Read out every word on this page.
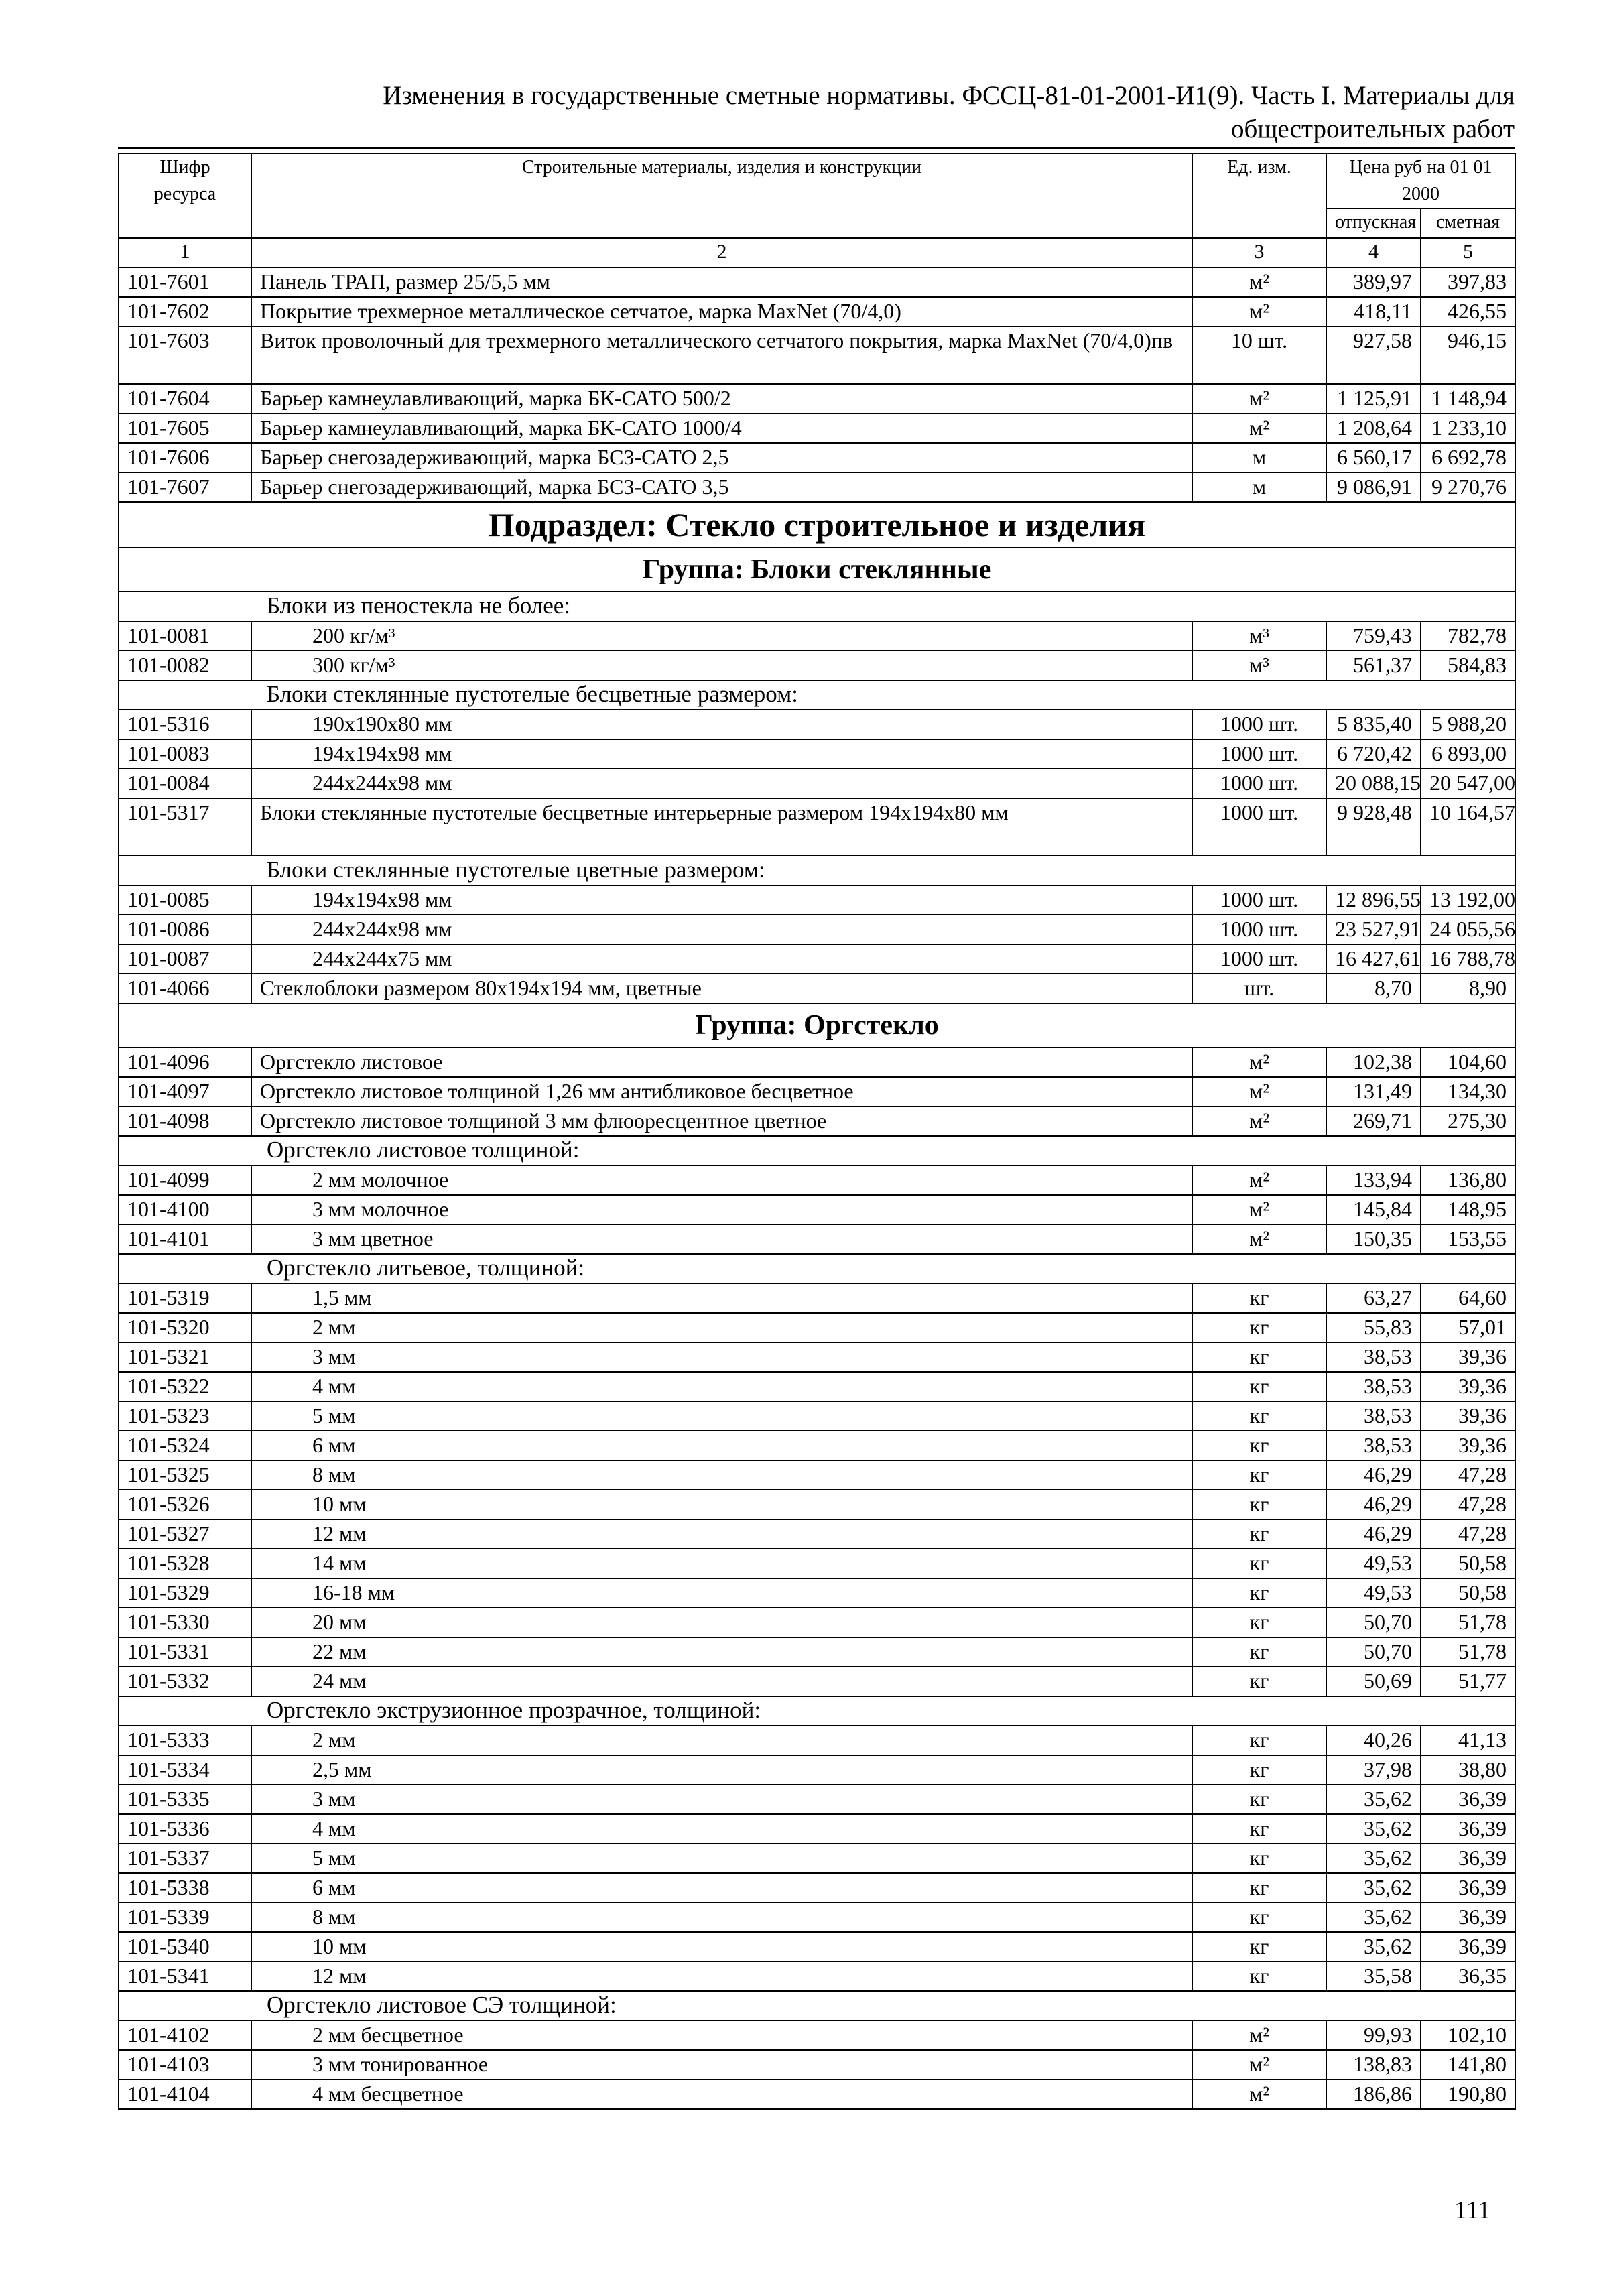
Изменения в государственные сметные нормативы. ФССЦ-81-01-2001-И1(9). Часть I. Материалы для
общестроительных работ
Шифр ресурса	Строительные материалы, изделия и конструкции	Ед. изм.	Цена руб на 01 01 2000	
			отпускная	сметная
1	2	3	4	5
101-7601	Панель ТРАП, размер 25/5,5 мм	м²	389,97	397,83
101-7602	Покрытие трехмерное металлическое сетчатое, марка MaxNet (70/4,0)	м²	418,11	426,55
101-7603	Виток проволочный для трехмерного металлического сетчатого покрытия, марка MaxNet (70/4,0)пв	10 шт.	927,58	946,15
101-7604	Барьер камнеулавливающий, марка БК-САТО 500/2	м²	1 125,91	1 148,94
101-7605	Барьер камнеулавливающий, марка БК-САТО 1000/4	м²	1 208,64	1 233,10
101-7606	Барьер снегозадерживающий, марка БСЗ-САТО 2,5	м	6 560,17	6 692,78
101-7607	Барьер снегозадерживающий, марка БСЗ-САТО 3,5	м	9 086,91	9 270,76
Подраздел: Стекло строительное и изделия				
Группа: Блоки стеклянные				
Блоки из пеностекла не более:				
101-0081	200 кг/м³	м³	759,43	782,78
101-0082	300 кг/м³	м³	561,37	584,83
Блоки стеклянные пустотелые бесцветные размером:				
101-5316	190х190х80 мм	1000 шт.	5 835,40	5 988,20
101-0083	194х194х98 мм	1000 шт.	6 720,42	6 893,00
101-0084	244х244х98 мм	1000 шт.	20 088,15	20 547,00
101-5317	Блоки стеклянные пустотелые бесцветные интерьерные размером 194х194х80 мм	1000 шт.	9 928,48	10 164,57
Блоки стеклянные пустотелые цветные размером:				
101-0085	194х194х98 мм	1000 шт.	12 896,55	13 192,00
101-0086	244х244х98 мм	1000 шт.	23 527,91	24 055,56
101-0087	244х244х75 мм	1000 шт.	16 427,61	16 788,78
101-4066	Стеклоблоки размером 80х194х194 мм, цветные	шт.	8,70	8,90
Группа: Оргстекло				
101-4096	Оргстекло листовое	м²	102,38	104,60
101-4097	Оргстекло листовое толщиной 1,26 мм антибликовое бесцветное	м²	131,49	134,30
101-4098	Оргстекло листовое толщиной 3 мм флюоресцентное цветное	м²	269,71	275,30
Оргстекло листовое толщиной:				
101-4099	2 мм молочное	м²	133,94	136,80
101-4100	3 мм молочное	м²	145,84	148,95
101-4101	3 мм цветное	м²	150,35	153,55
Оргстекло литьевое, толщиной:				
101-5319	1,5 мм	кг	63,27	64,60
101-5320	2 мм	кг	55,83	57,01
101-5321	3 мм	кг	38,53	39,36
101-5322	4 мм	кг	38,53	39,36
101-5323	5 мм	кг	38,53	39,36
101-5324	6 мм	кг	38,53	39,36
101-5325	8 мм	кг	46,29	47,28
101-5326	10 мм	кг	46,29	47,28
101-5327	12 мм	кг	46,29	47,28
101-5328	14 мм	кг	49,53	50,58
101-5329	16-18 мм	кг	49,53	50,58
101-5330	20 мм	кг	50,70	51,78
101-5331	22 мм	кг	50,70	51,78
101-5332	24 мм	кг	50,69	51,77
Оргстекло экструзионное прозрачное, толщиной:				
101-5333	2 мм	кг	40,26	41,13
101-5334	2,5 мм	кг	37,98	38,80
101-5335	3 мм	кг	35,62	36,39
101-5336	4 мм	кг	35,62	36,39
101-5337	5 мм	кг	35,62	36,39
101-5338	6 мм	кг	35,62	36,39
101-5339	8 мм	кг	35,62	36,39
101-5340	10 мм	кг	35,62	36,39
101-5341	12 мм	кг	35,58	36,35
Оргстекло листовое СЭ толщиной:				
101-4102	2 мм бесцветное	м²	99,93	102,10
101-4103	3 мм тонированное	м²	138,83	141,80
101-4104	4 мм бесцветное	м²	186,86	190,80
111
